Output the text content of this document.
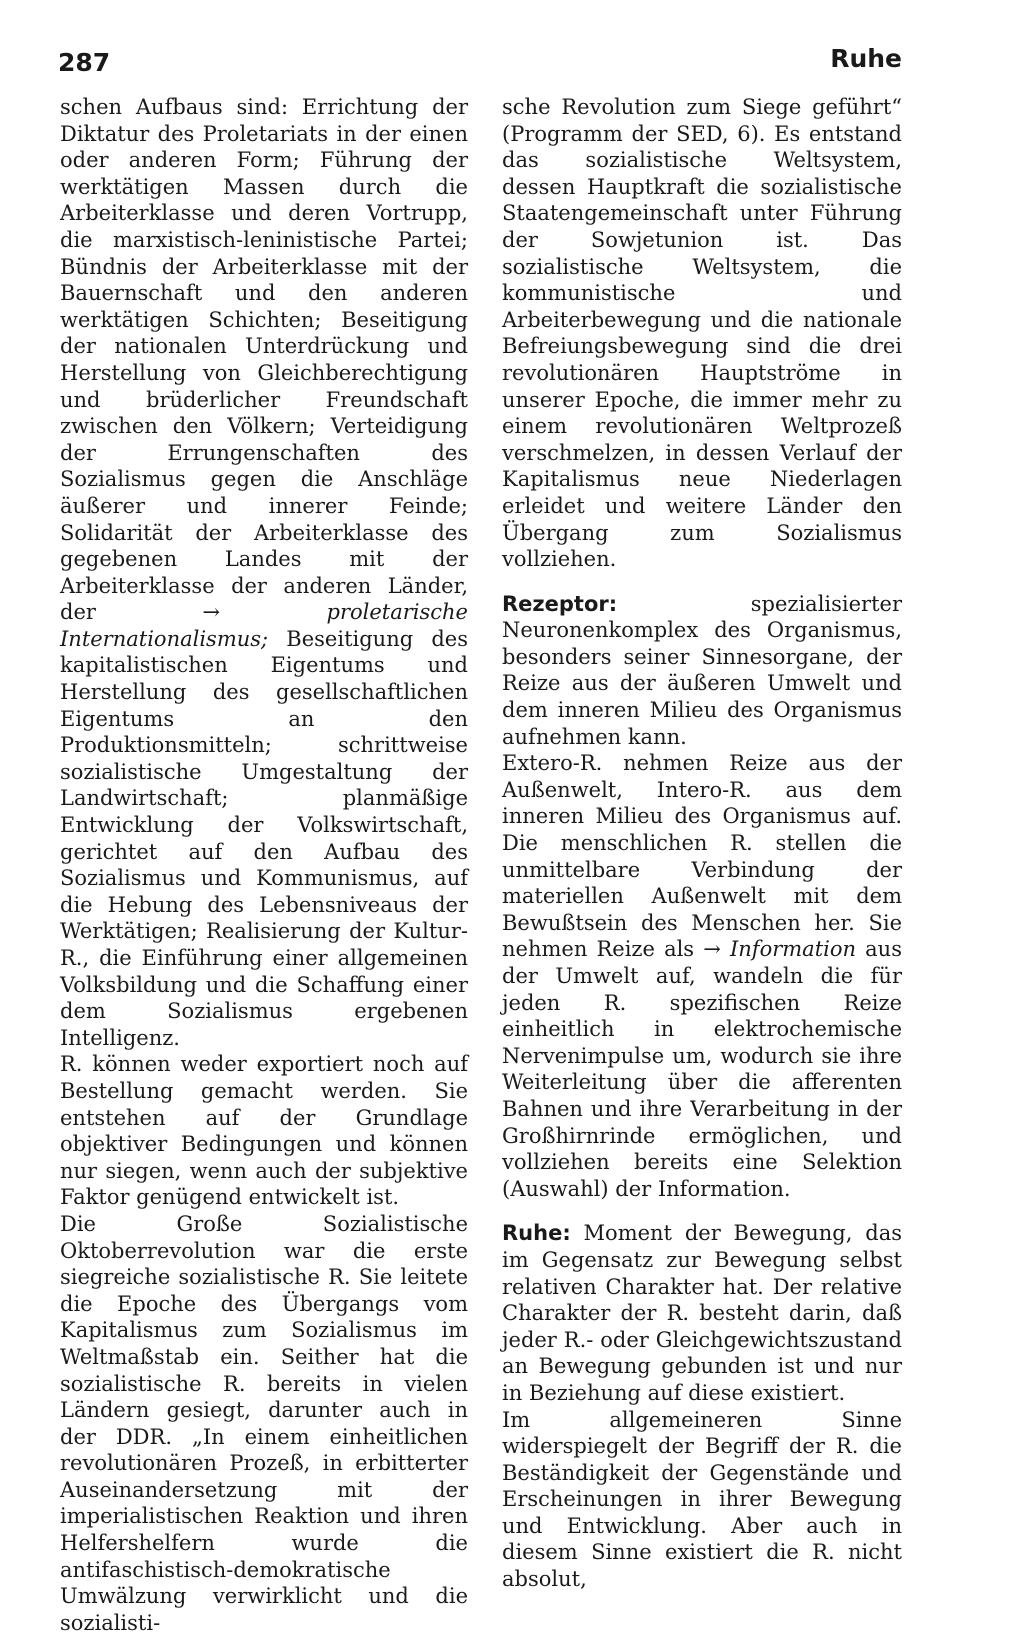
287	Ruhe

schen Aufbaus sind: Errichtung der Diktatur des Proletariats in der einen oder anderen Form; Führung der werktätigen Massen durch die Arbeiterklasse und deren Vortrupp, die marxistisch-leninistische Partei; Bündnis der Arbeiterklasse mit der Bauernschaft und den anderen werktätigen Schichten; Beseitigung der nationalen Unterdrückung und Herstellung von Gleichberechtigung und brüderlicher Freundschaft zwischen den Völkern; Verteidigung der Errungenschaften des Sozialismus gegen die Anschläge äußerer und innerer Feinde; Solidarität der Arbeiterklasse des gegebenen Landes mit der Arbeiterklasse der anderen Länder, der	→	proletarische Internationalismus; Beseitigung des kapitalistischen Eigentums und Herstellung des gesellschaftlichen Eigentums an den Produktionsmitteln; schrittweise sozialistische Umgestaltung der Landwirtschaft; planmäßige Entwicklung der Volkswirtschaft, gerichtet auf den Aufbau des Sozialismus und Kommunismus, auf die Hebung des Lebensniveaus der Werktätigen; Realisierung der Kultur-R., die Einführung einer allgemeinen Volksbildung und die Schaffung einer dem Sozialismus ergebenen Intelligenz.

R. können weder exportiert noch auf Bestellung gemacht werden. Sie entstehen auf der Grundlage objektiver Bedingungen und können nur siegen, wenn auch der subjektive Faktor genügend entwickelt ist.

Die Große Sozialistische Oktoberrevolution war die erste siegreiche sozialistische R. Sie leitete die Epoche des Übergangs vom Kapitalismus zum Sozialismus im Weltmaßstab ein. Seither hat die sozialistische R. bereits in vielen Ländern gesiegt, darunter auch in der DDR. „In einem einheitlichen revolutionären Prozeß, in erbitterter Auseinandersetzung mit der imperialistischen Reaktion und ihren Helfershelfern wurde die antifaschistisch-demokratische Umwälzung verwirklicht und die sozialisti-

sche Revolution zum Siege geführt“ (Programm der SED, 6). Es entstand das sozialistische Weltsystem, dessen Hauptkraft die sozialistische Staatengemeinschaft unter Führung der Sowjetunion ist. Das sozialistische Weltsystem, die kommunistische und Arbeiterbewegung und die nationale Befreiungsbewegung sind die drei revolutionären Hauptströme in unserer Epoche, die immer mehr zu einem revolutionären Weltprozeß verschmelzen, in dessen Verlauf der Kapitalismus neue Niederlagen erleidet und weitere Länder den Übergang zum Sozialismus vollziehen.

Rezeptor:	spezialisierter Neuronenkomplex des Organismus, besonders seiner Sinnesorgane, der Reize aus der äußeren Umwelt und dem inneren Milieu des Organismus aufnehmen kann.

Extero-R. nehmen Reize aus der Außenwelt, Intero-R. aus dem inneren Milieu des Organismus auf. Die menschlichen R. stellen die unmittelbare Verbindung der materiellen Außenwelt mit dem Bewußtsein des Menschen her. Sie nehmen Reize als → Information aus der Umwelt auf, wandeln die für jeden R. spezifischen Reize einheitlich in elektrochemische Nervenimpulse um, wodurch sie ihre Weiterleitung über die afferenten Bahnen und ihre Verarbeitung in der Großhirnrinde ermöglichen, und vollziehen bereits eine Selektion (Auswahl) der Information.

Ruhe: Moment der Bewegung, das im Gegensatz zur Bewegung selbst relativen Charakter hat. Der relative Charakter der R. besteht darin, daß jeder R.- oder Gleichgewichtszustand an Bewegung gebunden ist und nur in Beziehung auf diese existiert.

Im allgemeineren Sinne widerspiegelt der Begriff der R. die Beständigkeit der Gegenstände und Erscheinungen in ihrer Bewegung und Entwicklung. Aber auch in diesem Sinne existiert die R. nicht absolut,
